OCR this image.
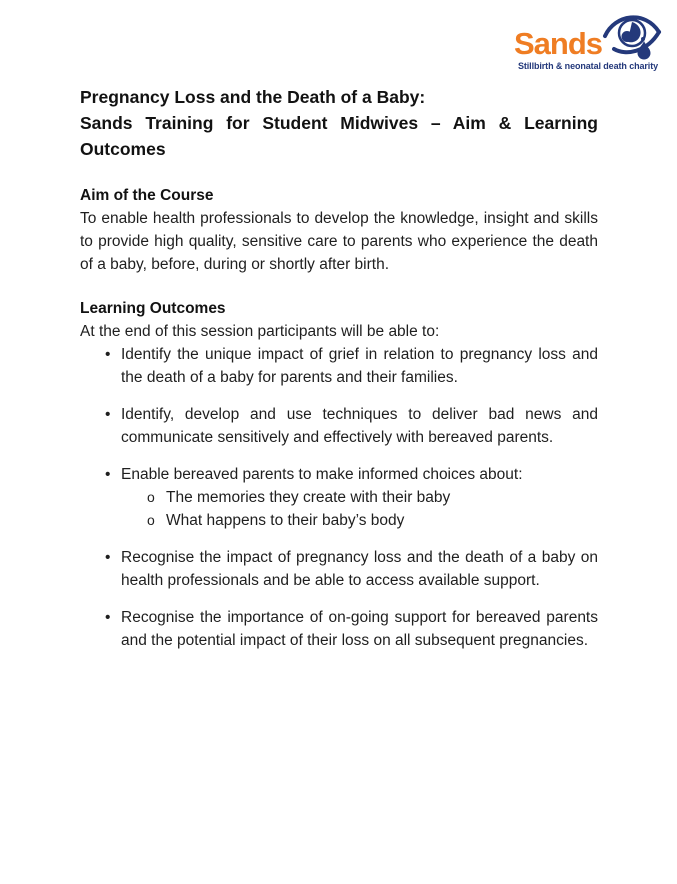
Sands
Stillbirth & neonatal death charity
Pregnancy Loss and the Death of a Baby:
Sands Training for Student Midwives – Aim & Learning
Outcomes
Aim of the Course
To enable health professionals to develop the knowledge, insight and skills to provide high quality, sensitive care to parents who experience the death of a baby, before, during or shortly after birth.
Learning Outcomes
At the end of this session participants will be able to:
• Identify the unique impact of grief in relation to pregnancy loss and the death of a baby for parents and their families.
• Identify, develop and use techniques to deliver bad news and communicate sensitively and effectively with bereaved parents.
• Enable bereaved parents to make informed choices about:
o The memories they create with their baby
o What happens to their baby’s body
• Recognise the impact of pregnancy loss and the death of a baby on health professionals and be able to access available support.
• Recognise the importance of on-going support for bereaved parents and the potential impact of their loss on all subsequent pregnancies.
